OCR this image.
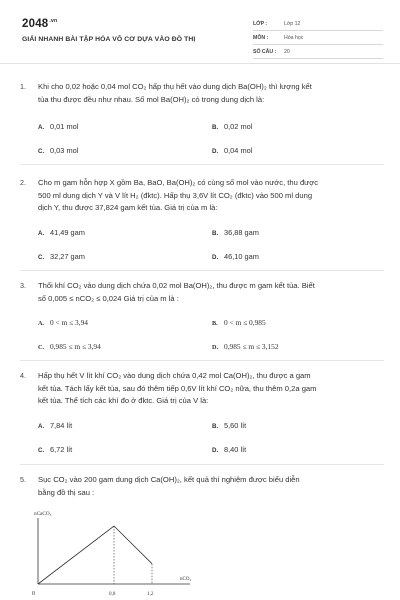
$2048^{.vn}$
GIẢI NHANH BÀI TẬP HÓA VÔ CƠ DỰA VÀO ĐỒ THỊ
LỚP :	Lớp 12
MÔN :	Hóa học
SỐ CÂU :	20
1. Khi cho 0,02 hoặc 0,04 mol CO₂ hấp thụ hết vào dung dịch Ba(OH)₂ thì lượng kết
tủa thu được đều như nhau. Số mol Ba(OH)₂ có trong dung dịch là:
A. 0,01 mol	B. 0,02 mol
C. 0,03 mol	D. 0,04 mol
2. Cho m gam hỗn hợp X gồm Ba, BaO, Ba(OH)₂ có cùng số mol vào nước, thu được
500 ml dung dịch Y và V lít H₂ (đktc). Hấp thụ 3,6V lít CO₂ (đktc) vào 500 ml dung
dịch Y, thu được 37,824 gam kết tủa. Giá trị của m là:
A. 41,49 gam	B. 36,88 gam
C. 32,27 gam	D. 46,10 gam
3. Thổi khí CO₂ vào dung dịch chứa 0,02 mol Ba(OH)₂, thu được m gam kết tủa. Biết
số 0,005 ≤ nCO₂ ≤ 0,024 Giá trị của m là :
A. 0 < m ≤ 3,94	B. 0 < m ≤ 0,985
C. 0,985 ≤ m ≤ 3,94	D. 0,985 ≤ m ≤ 3,152
4. Hấp thụ hết V lít khí CO₂ vào dung dịch chứa 0,42 mol Ca(OH)₂, thu được a gam
kết tủa. Tách lấy kết tủa, sau đó thêm tiếp 0,6V lít khí CO₂ nữa, thu thêm 0,2a gam
kết tủa. Thể tích các khí đo ở đktc. Giá trị của V là:
A. 7,84 lít	B. 5,60 lít
C. 6,72 lít	D. 8,40 lít
5. Sục CO₂ vào 200 gam dung dịch Ca(OH)₂, kết quả thí nghiệm được biểu diễn
bằng đồ thị sau :
nCaCO₃
nCO₂
0	0,8	1,2
